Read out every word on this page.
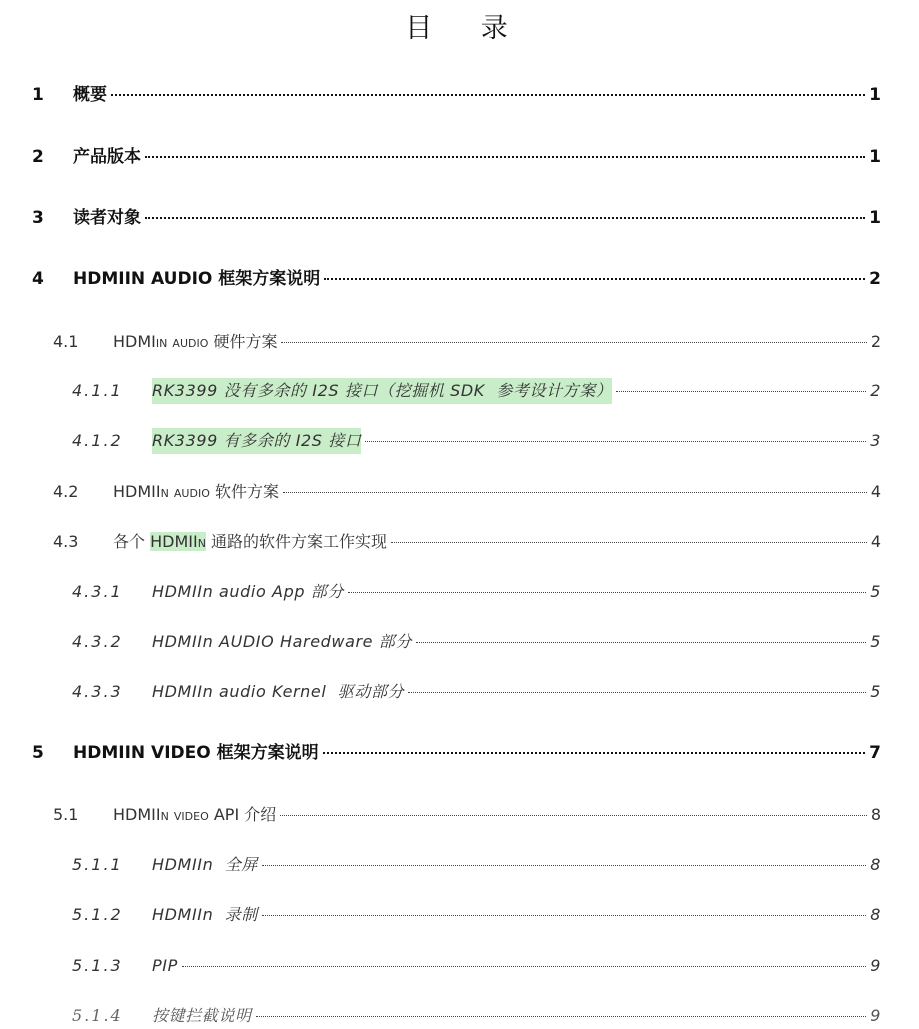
目 录
1	概要	1
2	产品版本	1
3	读者对象	1
4	HDMIIN AUDIO 框架方案说明	2
4.1	HDMIin audio 硬件方案	2
4.1.1	RK3399 没有多余的 I2S 接口（挖掘机 SDK  参考设计方案）	2
4.1.2	RK3399 有多余的 I2S 接口	3
4.2	HDMIIn audio 软件方案	4
4.3	各个 HDMIIn 通路的软件方案工作实现	4
4.3.1	HDMIIn audio App 部分	5
4.3.2	HDMIIn AUDIO Haredware 部分	5
4.3.3	HDMIIn audio Kernel  驱动部分	5
5	HDMIIN VIDEO 框架方案说明	7
5.1	HDMIIn video API 介绍	8
5.1.1	HDMIIn  全屏	8
5.1.2	HDMIIn  录制	8
5.1.3	PIP	9
5.1.4	按键拦截说明	9
